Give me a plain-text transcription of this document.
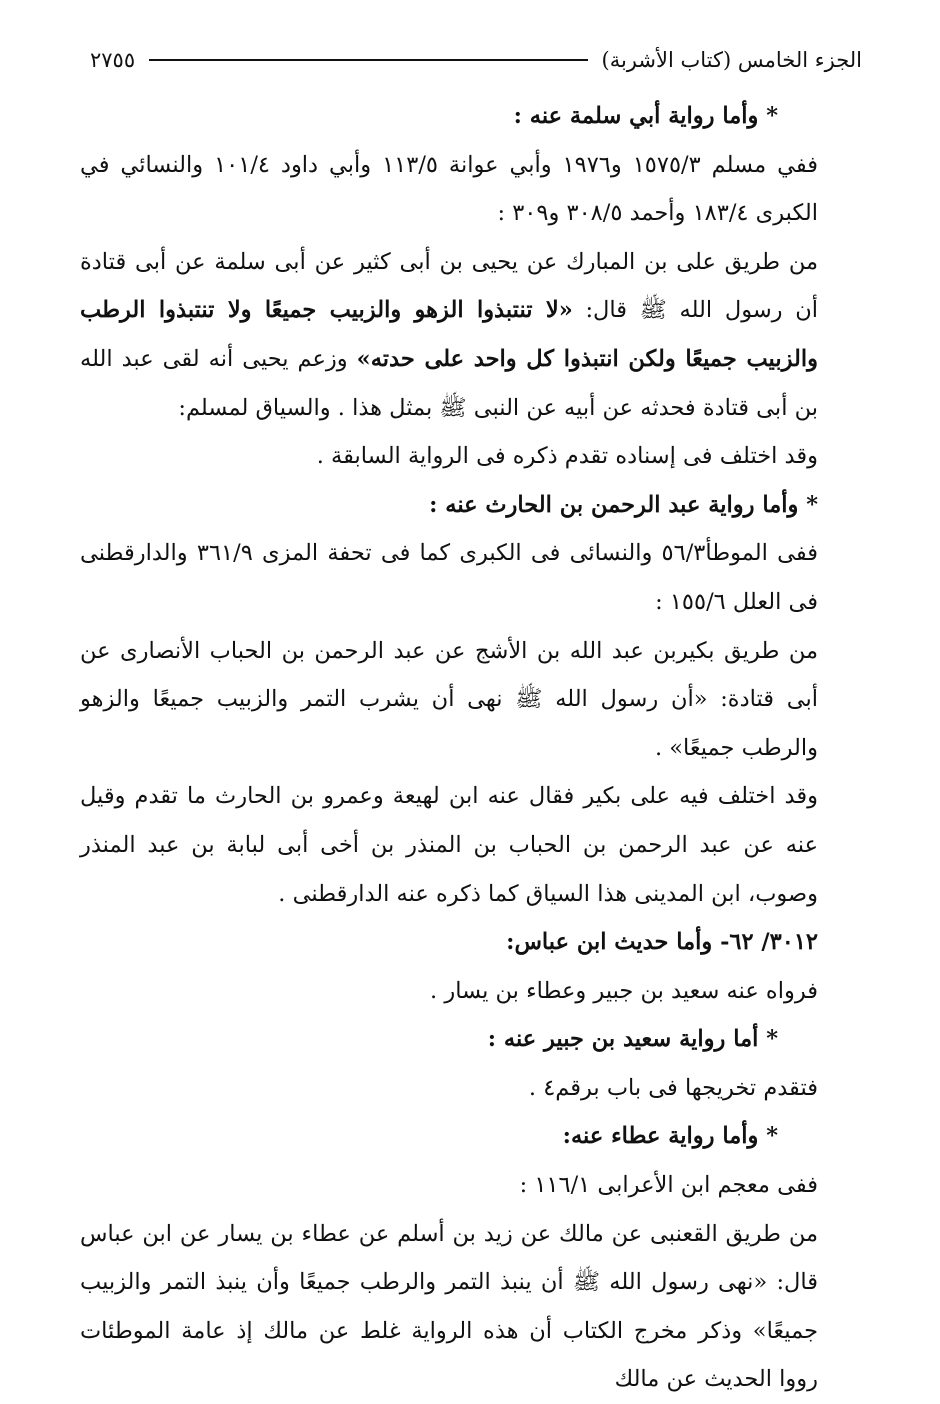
الجزء الخامس (كتاب الأشربة)
٢٧٥٥

* وأما رواية أبي سلمة عنه :

ففي مسلم ١٥٧٥/٣ و١٩٧٦ وأبي عوانة ١١٣/٥ وأبي داود ١٠١/٤ والنسائي في الكبرى ١٨٣/٤ وأحمد ٣٠٨/٥ و٣٠٩ :

من طريق على بن المبارك عن يحيى بن أبى كثير عن أبى سلمة عن أبى قتادة أن رسول الله ﷺ قال: «لا تنتبذوا الزهو والزبيب جميعًا ولا تنتبذوا الرطب والزبيب جميعًا ولكن انتبذوا كل واحد على حدته» وزعم يحيى أنه لقى عبد الله بن أبى قتادة فحدثه عن أبيه عن النبى ﷺ بمثل هذا . والسياق لمسلم:

وقد اختلف فى إسناده تقدم ذكره فى الرواية السابقة .

* وأما رواية عبد الرحمن بن الحارث عنه :

ففى الموطأ٥٦/٣ والنسائى فى الكبرى كما فى تحفة المزى ٣٦١/٩ والدارقطنى فى العلل ١٥٥/٦ :

من طريق بكيربن عبد الله بن الأشج عن عبد الرحمن بن الحباب الأنصارى عن أبى قتادة: «أن رسول الله ﷺ نهى أن يشرب التمر والزبيب جميعًا والزهو والرطب جميعًا» .

وقد اختلف فيه على بكير فقال عنه ابن لهيعة وعمرو بن الحارث ما تقدم وقيل عنه عن عبد الرحمن بن الحباب بن المنذر بن أخى أبى لبابة بن عبد المنذر وصوب، ابن المدينى هذا السياق كما ذكره عنه الدارقطنى .

٣٠١٢/ ٦٢- وأما حديث ابن عباس:

فرواه عنه سعيد بن جبير وعطاء بن يسار .

* أما رواية سعيد بن جبير عنه :

فتقدم تخريجها فى باب برقم٤ .

* وأما رواية عطاء عنه:

ففى معجم ابن الأعرابى ١١٦/١ :

من طريق القعنبى عن مالك عن زيد بن أسلم عن عطاء بن يسار عن ابن عباس قال: «نهى رسول الله ﷺ أن ينبذ التمر والرطب جميعًا وأن ينبذ التمر والزبيب جميعًا» وذكر مخرج الكتاب أن هذه الرواية غلط عن مالك إذ عامة الموطئات رووا الحديث عن مالك
